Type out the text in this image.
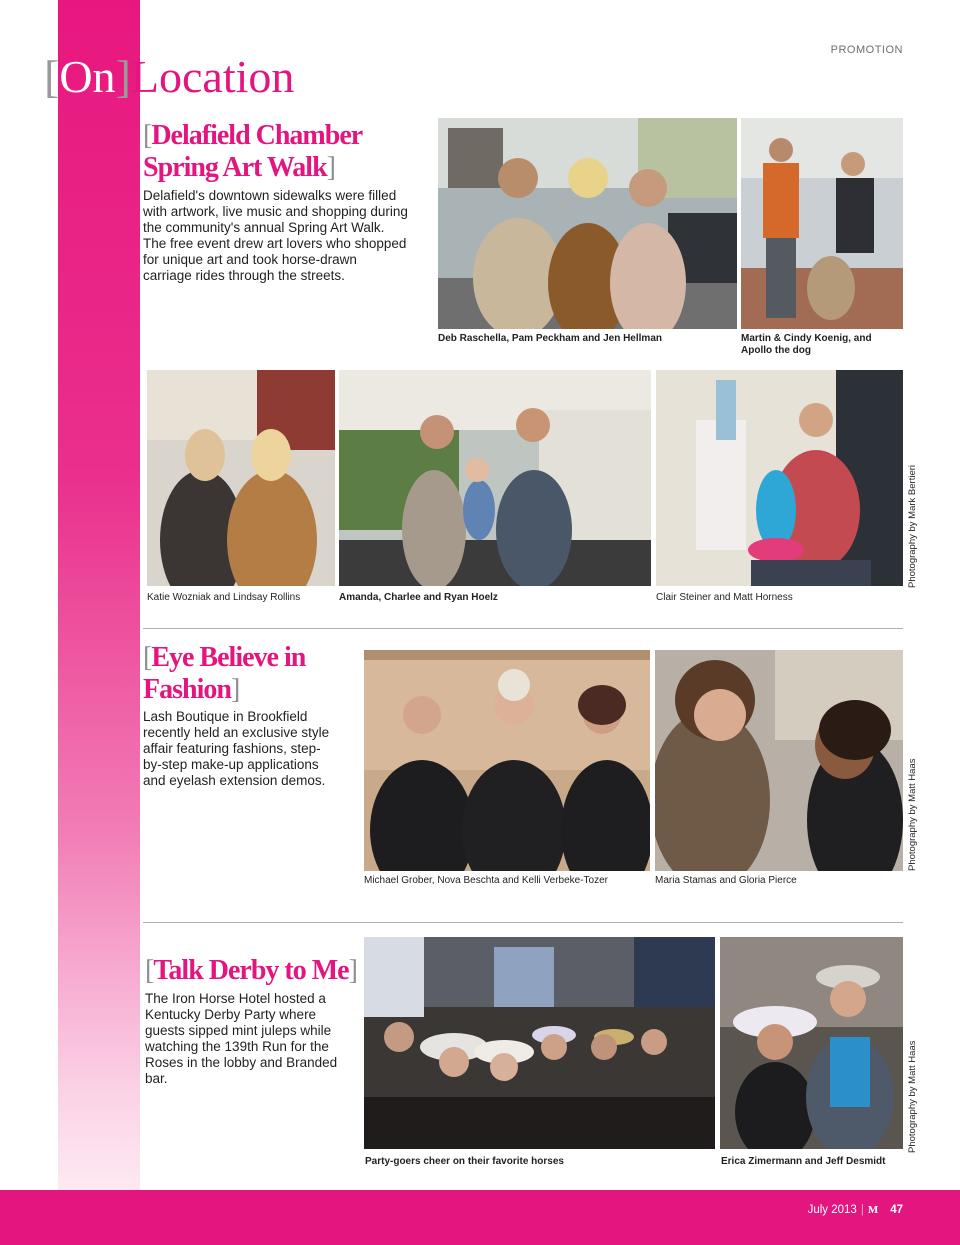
PROMOTION
[On]Location
[Delafield Chamber
Spring Art Walk]
Delafield's downtown sidewalks were filled with artwork, live music and shopping during the community's annual Spring Art Walk. The free event drew art lovers who shopped for unique art and took horse-drawn carriage rides through the streets.
Deb Raschella, Pam Peckham and Jen Hellman	Martin & Cindy Koenig, and Apollo the dog
Katie Wozniak and Lindsay Rollins	Amanda, Charlee and Ryan Hoelz	Clair Steiner and Matt Horness
Photography by Mark Bertieri
[Eye Believe in
Fashion]
Lash Boutique in Brookfield recently held an exclusive style affair featuring fashions, step-by-step make-up applications and eyelash extension demos.
Michael Grober, Nova Beschta and Kelli Verbeke-Tozer	Maria Stamas and Gloria Pierce
Photography by Matt Haas
[Talk Derby to Me]
The Iron Horse Hotel hosted a Kentucky Derby Party where guests sipped mint juleps while watching the 139th Run for the Roses in the lobby and Branded bar.
Party-goers cheer on their favorite horses	Erica Zimermann and Jeff Desmidt
Photography by Matt Haas
July 2013 | M 47
